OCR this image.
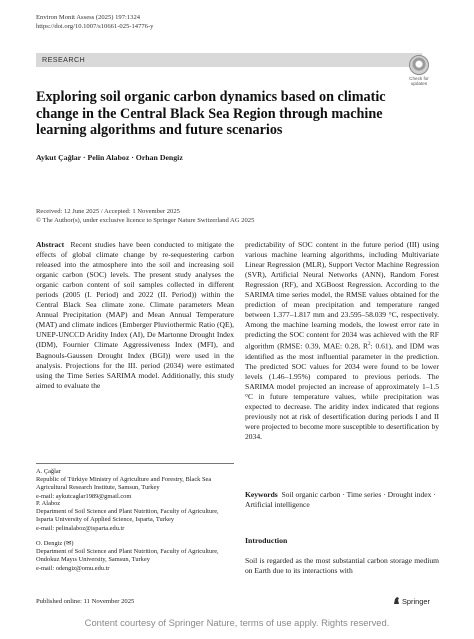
Environ Monit Assess (2025) 197:1324
https://doi.org/10.1007/s10661-025-14776-y
RESEARCH
Check for
updates
Exploring soil organic carbon dynamics based on climatic change in the Central Black Sea Region through machine learning algorithms and future scenarios
Aykut Çağlar · Pelin Alaboz · Orhan Dengiz
Received: 12 June 2025 / Accepted: 1 November 2025
© The Author(s), under exclusive licence to Springer Nature Switzerland AG 2025

Abstract Recent studies have been conducted to mitigate the effects of global climate change by re-sequestering carbon released into the atmosphere into the soil and increasing soil organic carbon (SOC) levels. The present study analyses the organic carbon content of soil samples collected in different periods (2005 (I. Period) and 2022 (II. Period)) within the Central Black Sea climate zone. Climate parameters Mean Annual Precipitation (MAP) and Mean Annual Temperature (MAT) and climate indices (Emberger Pluviothermic Ratio (QE), UNEP-UNCCD Aridity Index (AI), De Martonne Drought Index (IDM), Fournier Climate Aggressiveness Index (MFI), and Bagnouls-Gaussen Drought Index (BGI)) were used in the analysis. Projections for the III. period (2034) were estimated using the Time Series SARIMA model. Additionally, this study aimed to evaluate the

predictability of SOC content in the future period (III) using various machine learning algorithms, including Multivariate Linear Regression (MLR), Support Vector Machine Regression (SVR), Artificial Neural Networks (ANN), Random Forest Regression (RF), and XGBoost Regression. According to the SARIMA time series model, the RMSE values obtained for the prediction of mean precipitation and temperature ranged between 1.377–1.817 mm and 23.595–58.039 °C, respectively. Among the machine learning models, the lowest error rate in predicting the SOC content for 2034 was achieved with the RF algorithm (RMSE: 0.39, MAE: 0.28, $R^2$: 0.61), and IDM was identified as the most influential parameter in the prediction. The predicted SOC values for 2034 were found to be lower levels (1.46–1.95%) compared to previous periods. The SARIMA model projected an increase of approximately 1–1.5 °C in future temperature values, while precipitation was expected to decrease. The aridity index indicated that regions previously not at risk of desertification during periods I and II were projected to become more susceptible to desertification by 2034.

A. Çağlar
Republic of Türkiye Ministry of Agriculture and Forestry, Black Sea Agricultural Research Institute, Samsun, Turkey
e-mail: aykutcaglar1989@gmail.com
P. Alaboz
Department of Soil Science and Plant Nutrition, Faculty of Agriculture, Isparta University of Applied Science, Isparta, Turkey
e-mail: pelinalaboz@isparta.edu.tr
O. Dengiz (✉)
Department of Soil Science and Plant Nutrition, Faculty of Agriculture, Ondokuz Mayıs University, Samsun, Turkey
e-mail: odengiz@omu.edu.tr
Keywords Soil organic carbon · Time series · Drought index · Artificial intelligence
Introduction
Soil is regarded as the most substantial carbon storage medium on Earth due to its interactions with
Published online: 11 November 2025	Springer
Content courtesy of Springer Nature, terms of use apply. Rights reserved.
